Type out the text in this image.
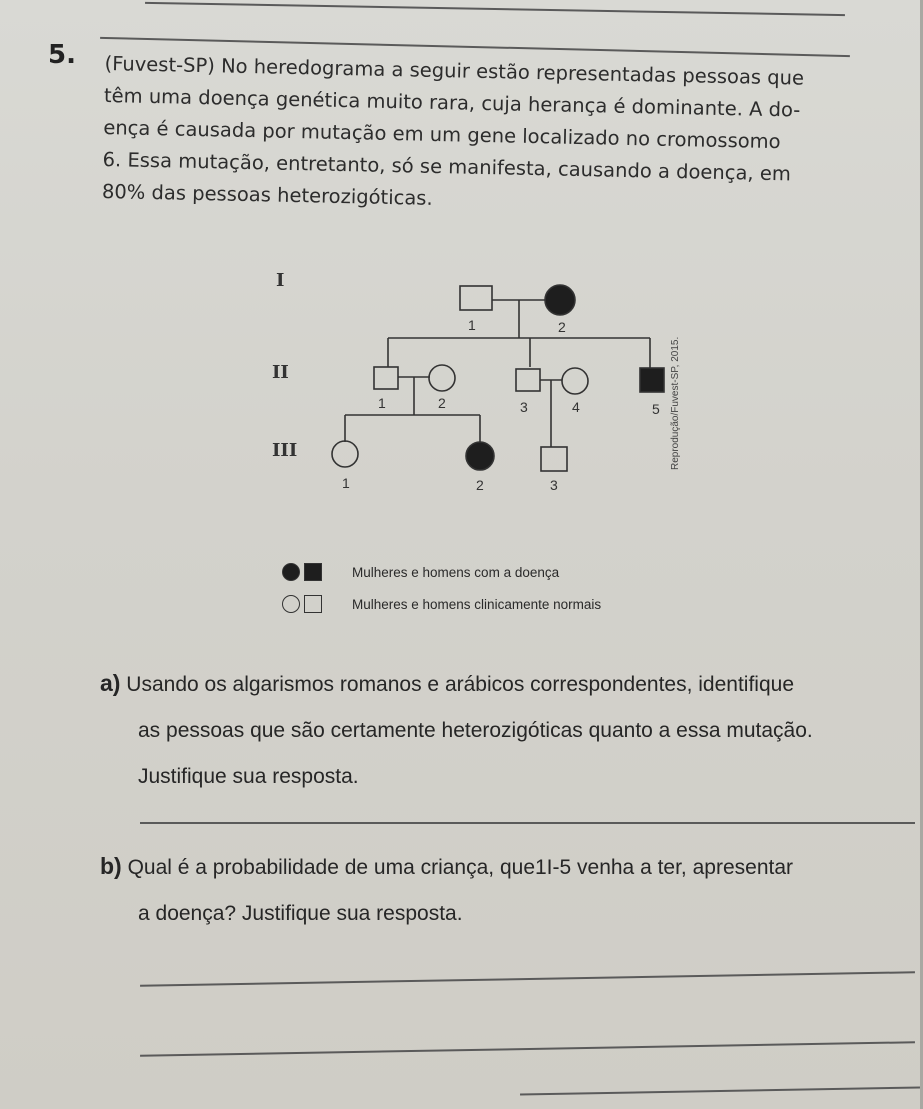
5. (Fuvest-SP) No heredograma a seguir estão representadas pessoas que
têm uma doença genética muito rara, cuja herança é dominante. A do-
ença é causada por mutação em um gene localizado no cromossomo
6. Essa mutação, entretanto, só se manifesta, causando a doença, em
80% das pessoas heterozigóticas.
I
II
III
1	2
1	2	3	4	5
1	2	3
Reprodução/Fuvest-SP, 2015.
Mulheres e homens com a doença
Mulheres e homens clinicamente normais
a) Usando os algarismos romanos e arábicos correspondentes, identifique
as pessoas que são certamente heterozigóticas quanto a essa mutação.
Justifique sua resposta.
b) Qual é a probabilidade de uma criança, que1I-5 venha a ter, apresentar
a doença? Justifique sua resposta.
